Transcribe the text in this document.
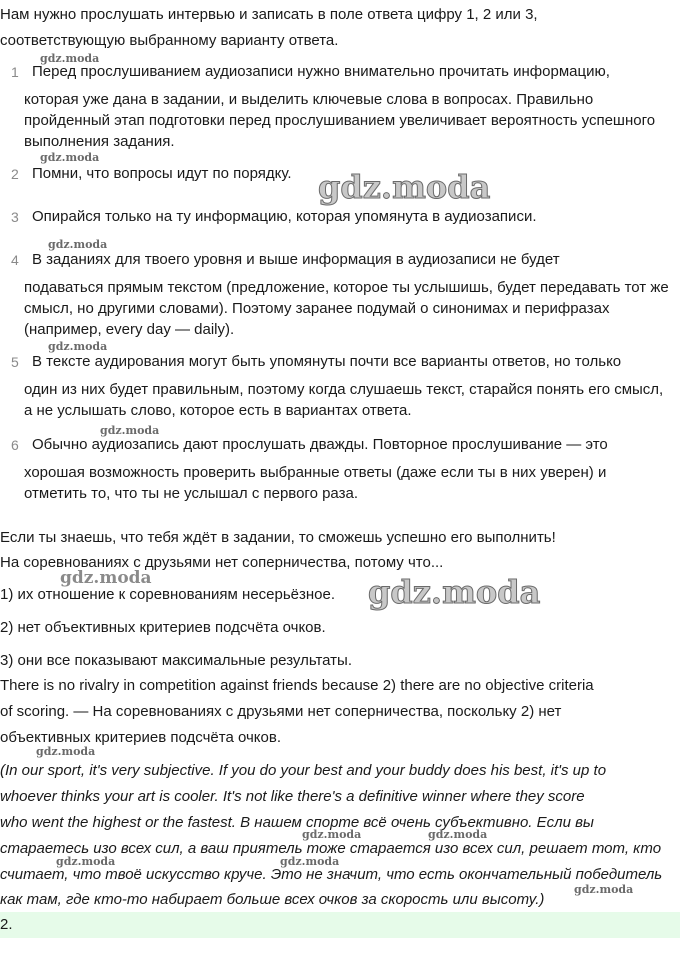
Нам нужно прослушать интервью и записать в поле ответа цифру 1, 2 или 3,
соответствующую выбранному варианту ответа.
1 Перед прослушиванием аудиозаписи нужно внимательно прочитать информацию,
которая уже дана в задании, и выделить ключевые слова в вопросах. Правильно пройденный этап подготовки перед прослушиванием увеличивает вероятность успешного выполнения задания.
2 Помни, что вопросы идут по порядку.
3 Опирайся только на ту информацию, которая упомянута в аудиозаписи.
4 В заданиях для твоего уровня и выше информация в аудиозаписи не будет
подаваться прямым текстом (предложение, которое ты услышишь, будет передавать тот же смысл, но другими словами). Поэтому заранее подумай о синонимах и перифразах (например, every day — daily).
5 В тексте аудирования могут быть упомянуты почти все варианты ответов, но только
один из них будет правильным, поэтому когда слушаешь текст, старайся понять его смысл, а не услышать слово, которое есть в вариантах ответа.
6 Обычно аудиозапись дают прослушать дважды. Повторное прослушивание — это
хорошая возможность проверить выбранные ответы (даже если ты в них уверен) и отметить то, что ты не услышал с первого раза.
Если ты знаешь, что тебя ждёт в задании, то сможешь успешно его выполнить!
На соревнованиях с друзьями нет соперничества, потому что...
1) их отношение к соревнованиям несерьёзное.
2) нет объективных критериев подсчёта очков.
3) они все показывают максимальные результаты.
There is no rivalry in competition against friends because 2) there are no objective criteria
of scoring. — На соревнованиях с друзьями нет соперничества, поскольку 2) нет
объективных критериев подсчёта очков.
(In our sport, it's very subjective. If you do your best and your buddy does his best, it's up to
whoever thinks your art is cooler. It's not like there's a definitive winner where they score
who went the highest or the fastest. В нашем спорте всё очень субъективно. Если вы
стараетесь изо всех сил, а ваш приятель тоже старается изо всех сил, решает тот, кто
считает, что твоё искусство круче. Это не значит, что есть окончательный победитель
как там, где кто-то набирает больше всех очков за скорость или высоту.)
2.
gdz.moda
gdz.moda
gdz.moda
gdz.moda
gdz.moda
gdz.moda
gdz.moda	gdz.moda
gdz.moda
gdz.moda	gdz.moda
gdz.moda	gdz.moda
gdz.moda
